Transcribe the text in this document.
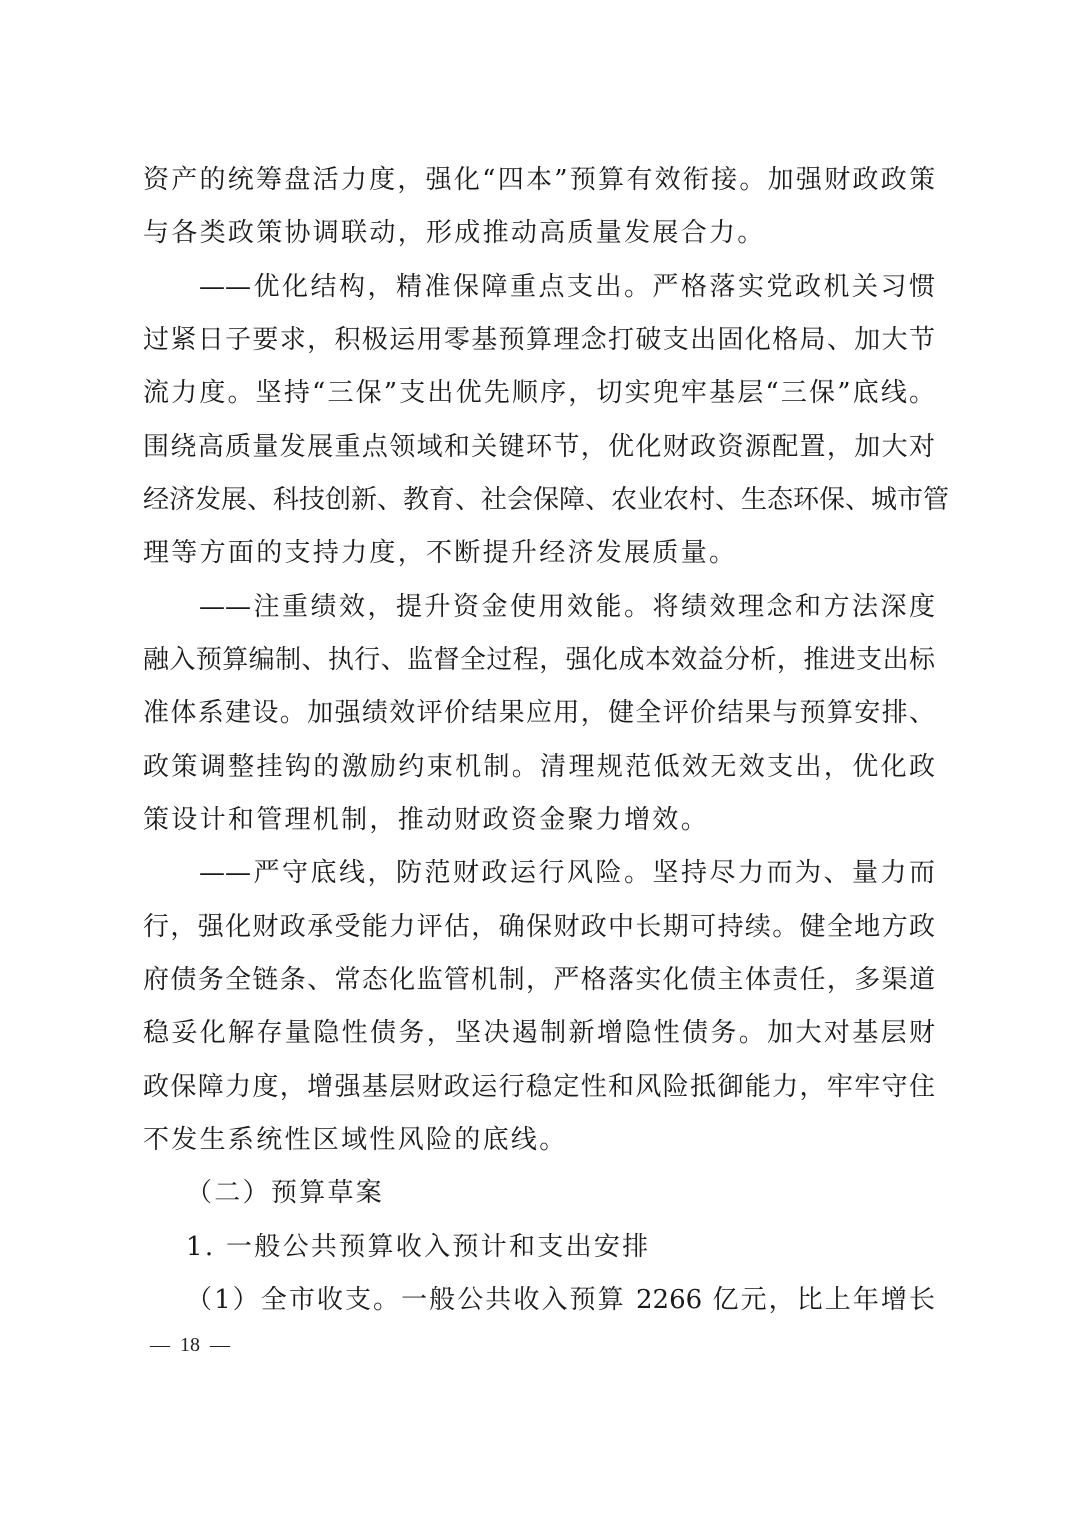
资产的统筹盘活力度，强化“四本”预算有效衔接。加强财政政策
与各类政策协调联动，形成推动高质量发展合力。
——优化结构，精准保障重点支出。严格落实党政机关习惯
过紧日子要求，积极运用零基预算理念打破支出固化格局、加大节
流力度。坚持“三保”支出优先顺序，切实兜牢基层“三保”底线。
围绕高质量发展重点领域和关键环节，优化财政资源配置，加大对
经济发展、科技创新、教育、社会保障、农业农村、生态环保、城市管
理等方面的支持力度，不断提升经济发展质量。
——注重绩效，提升资金使用效能。将绩效理念和方法深度
融入预算编制、执行、监督全过程，强化成本效益分析，推进支出标
准体系建设。加强绩效评价结果应用，健全评价结果与预算安排、
政策调整挂钩的激励约束机制。清理规范低效无效支出，优化政
策设计和管理机制，推动财政资金聚力增效。
——严守底线，防范财政运行风险。坚持尽力而为、量力而
行，强化财政承受能力评估，确保财政中长期可持续。健全地方政
府债务全链条、常态化监管机制，严格落实化债主体责任，多渠道
稳妥化解存量隐性债务，坚决遏制新增隐性债务。加大对基层财
政保障力度，增强基层财政运行稳定性和风险抵御能力，牢牢守住
不发生系统性区域性风险的底线。
（二）预算草案
1. 一般公共预算收入预计和支出安排
（1）全市收支。一般公共收入预算 2266 亿元，比上年增长
—  18  —
